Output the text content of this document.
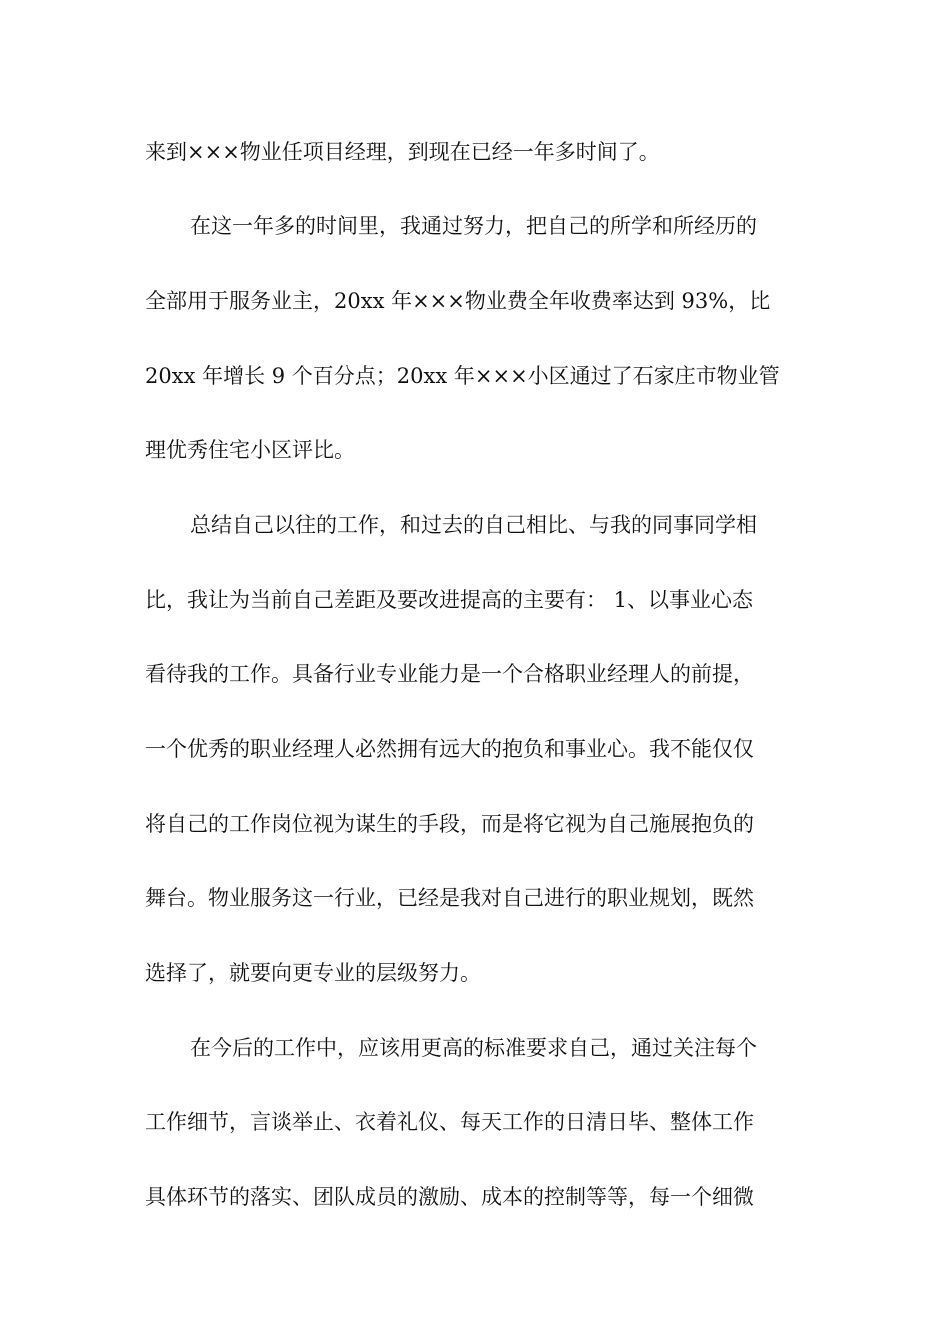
来到×××物业任项目经理，到现在已经一年多时间了。
在这一年多的时间里，我通过努力，把自己的所学和所经历的
全部用于服务业主，20xx 年×××物业费全年收费率达到 93%，比
20xx 年增长 9 个百分点；20xx 年×××小区通过了石家庄市物业管
理优秀住宅小区评比。
总结自己以往的工作，和过去的自己相比、与我的同事同学相
比，我让为当前自己差距及要改进提高的主要有： 1、以事业心态
看待我的工作。具备行业专业能力是一个合格职业经理人的前提，
一个优秀的职业经理人必然拥有远大的抱负和事业心。我不能仅仅
将自己的工作岗位视为谋生的手段，而是将它视为自己施展抱负的
舞台。物业服务这一行业，已经是我对自己进行的职业规划，既然
选择了，就要向更专业的层级努力。
在今后的工作中，应该用更高的标准要求自己，通过关注每个
工作细节，言谈举止、衣着礼仪、每天工作的日清日毕、整体工作
具体环节的落实、团队成员的激励、成本的控制等等，每一个细微
